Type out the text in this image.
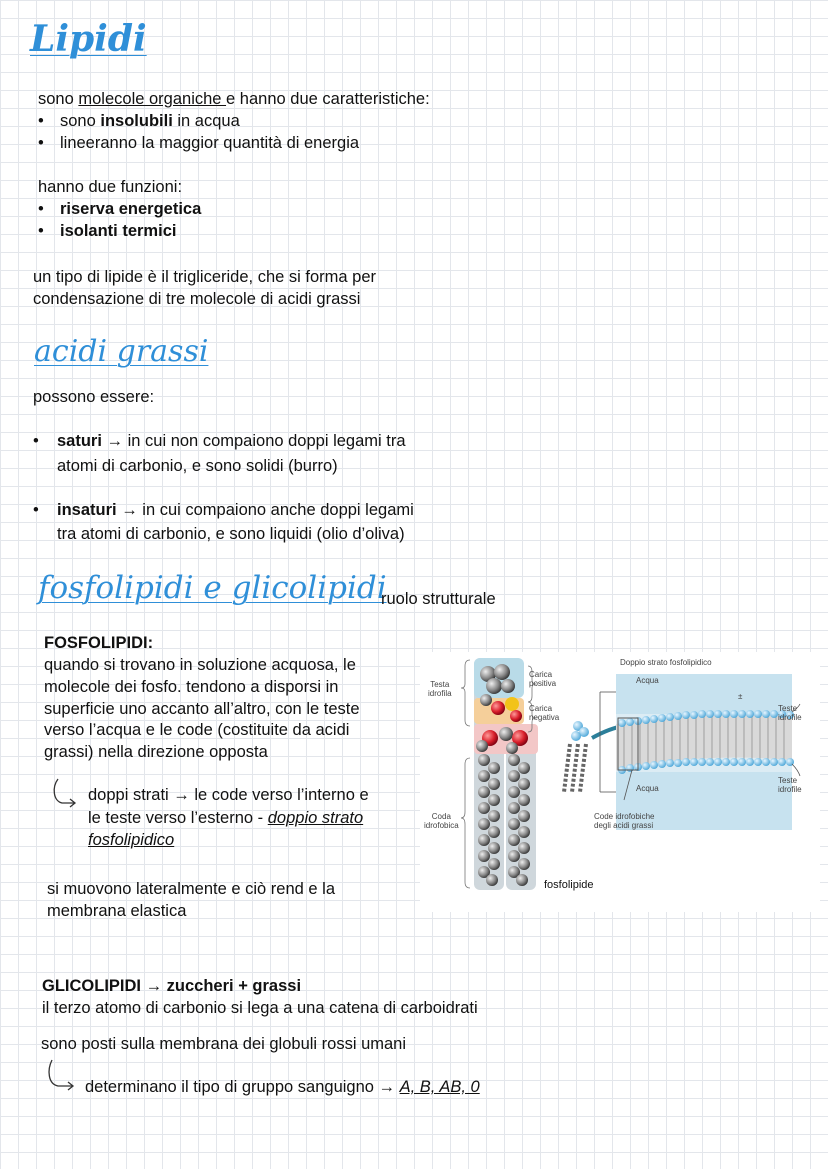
Lipidi
sono molecole organiche e hanno due caratteristiche:
• sono insolubili in acqua
• lineeranno la maggior quantità di energia
hanno due funzioni:
• riserva energetica
• isolanti termici
un tipo di lipide è il trigliceride, che si forma per
condensazione di tre molecole di acidi grassi
acidi grassi
possono essere:
• saturi → in cui non compaiono doppi legami tra
atomi di carbonio, e sono solidi (burro)
• insaturi → in cui compaiono anche doppi legami
tra atomi di carbonio, e sono liquidi (olio d’oliva)
fosfolipidi e glicolipidi
ruolo strutturale
FOSFOLIPIDI:
quando si trovano in soluzione acquosa, le
molecole dei fosfo. tendono a disporsi in
superficie uno accanto all’altro, con le teste
verso l’acqua e le code (costituite da acidi
grassi) nella direzione opposta
doppi strati → le code verso l’interno e
le teste verso l’esterno - doppio strato
fosfolipidico
si muovono lateralmente e ciò rend e la
membrana elastica
Testa
idrofila
Carica
positiva
Carica
negativa
Coda
idrofobica
fosfolipide
Doppio strato fosfolipidico
Acqua
Acqua
±
Teste
idrofile
Teste
idrofile
Code idrofobiche
degli acidi grassi
GLICOLIPIDI → zuccheri + grassi
il terzo atomo di carbonio si lega a una catena di carboidrati
sono posti sulla membrana dei globuli rossi umani
determinano il tipo di gruppo sanguigno → A, B, AB, 0
